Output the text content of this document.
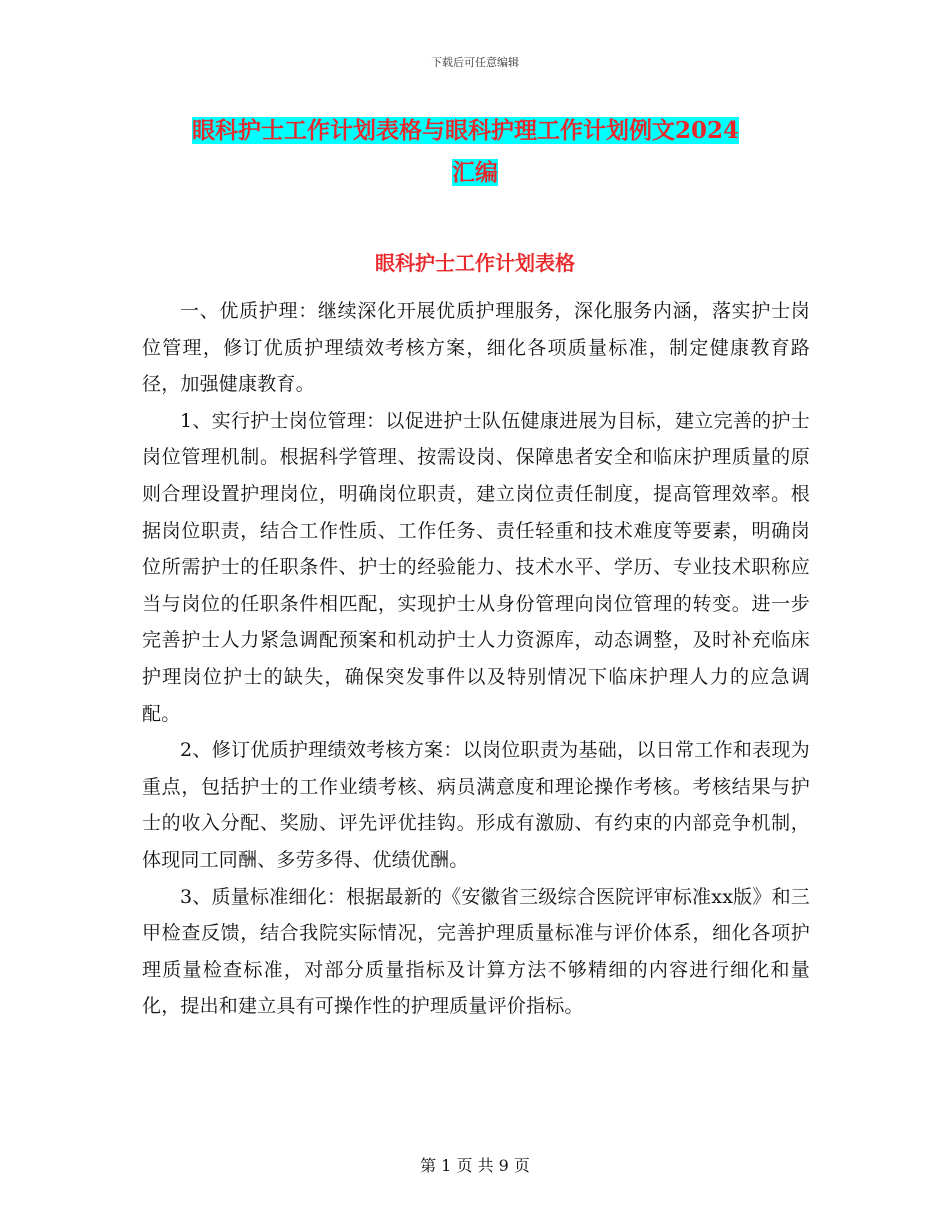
下载后可任意编辑
眼科护士工作计划表格与眼科护理工作计划例文2024
汇编
眼科护士工作计划表格

一、优质护理：继续深化开展优质护理服务，深化服务内涵，落实护士岗位管理，修订优质护理绩效考核方案，细化各项质量标准，制定健康教育路径，加强健康教育。

1、实行护士岗位管理：以促进护士队伍健康进展为目标，建立完善的护士岗位管理机制。根据科学管理、按需设岗、保障患者安全和临床护理质量的原则合理设置护理岗位，明确岗位职责，建立岗位责任制度，提高管理效率。根据岗位职责，结合工作性质、工作任务、责任轻重和技术难度等要素，明确岗位所需护士的任职条件、护士的经验能力、技术水平、学历、专业技术职称应当与岗位的任职条件相匹配，实现护士从身份管理向岗位管理的转变。进一步完善护士人力紧急调配预案和机动护士人力资源库，动态调整，及时补充临床护理岗位护士的缺失，确保突发事件以及特别情况下临床护理人力的应急调配。

2、修订优质护理绩效考核方案：以岗位职责为基础，以日常工作和表现为重点，包括护士的工作业绩考核、病员满意度和理论操作考核。考核结果与护士的收入分配、奖励、评先评优挂钩。形成有激励、有约束的内部竞争机制，体现同工同酬、多劳多得、优绩优酬。

3、质量标准细化：根据最新的《安徽省三级综合医院评审标准xx版》和三甲检查反馈，结合我院实际情况，完善护理质量标准与评价体系，细化各项护理质量检查标准，对部分质量指标及计算方法不够精细的内容进行细化和量化，提出和建立具有可操作性的护理质量评价指标。

第 1 页 共 9 页
